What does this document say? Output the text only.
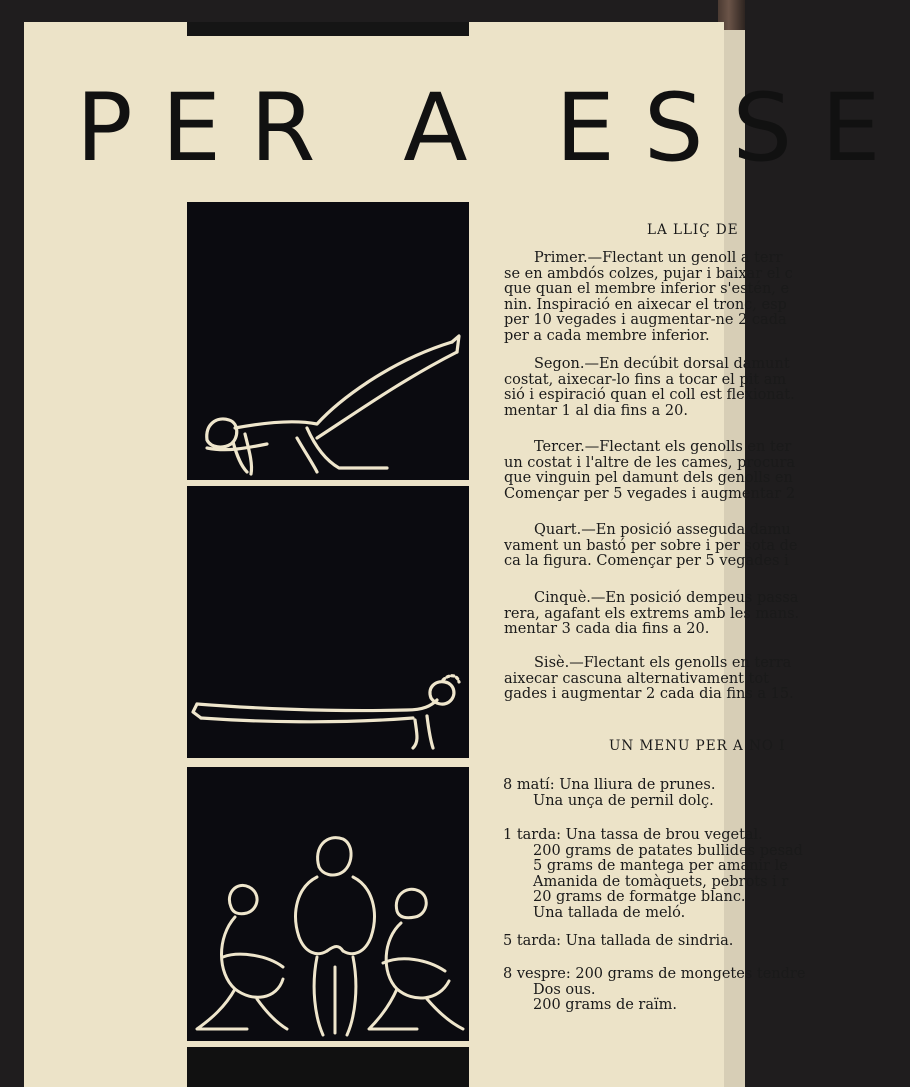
PER A ESSE
LA LLIÇ DE
Primer.—Flectant un genoll a terr
se en ambdós colzes, pujar i baixar el c
que quan el membre inferior s'estén, e
nin. Inspiració en aixecar el tronc, esp
per 10 vegades i augmentar-ne 2 cada
per a cada membre inferior.
Segon.—En decúbit dorsal damunt
costat, aixecar-lo fins a tocar el pit am
sió i espiració quan el coll est flexionat.
mentar 1 al dia fins a 20.
Tercer.—Flectant els genolls en ter
un costat i l'altre de les cames, procura
que vinguin pel damunt dels genolls en
Començar per 5 vegades i augmentar 2
Quart.—En posició asseguda damu
vament un bastó per sobre i per sota de
ca la figura. Començar per 5 vegades i
Cinquè.—En posició dempeus passa
rera, agafant els extrems amb les mans.
mentar 3 cada dia fins a 20.
Sisè.—Flectant els genolls en terra
aixecar cascuna alternativament tot
gades i augmentar 2 cada dia fins a 15.
UN MENU PER A NO I
8 matí: Una lliura de prunes.
Una unça de pernil dolç.
1 tarda: Una tassa de brou vegetal.
200 grams de patates bullides pesad
5 grams de mantega per amanir le
Amanida de tomàquets, pebrots i r
20 grams de formatge blanc.
Una tallada de meló.
5 tarda: Una tallada de sindria.
8 vespre: 200 grams de mongetes tendre
Dos ous.
200 grams de raïm.
